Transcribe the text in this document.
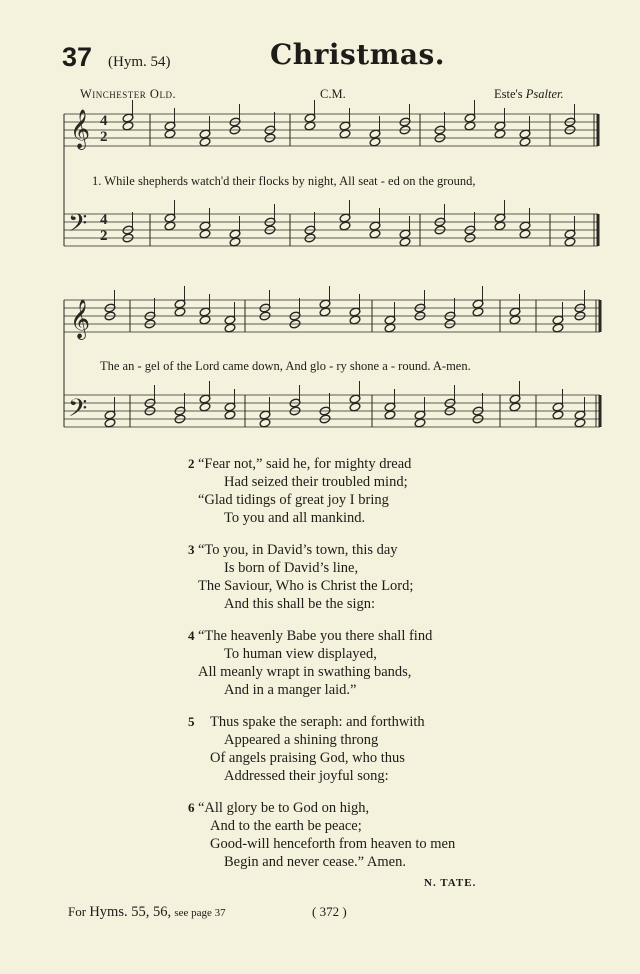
37 (Hym. 54)	Christmas.
Winchester Old.	C.M.	Este's Psalter.
𝄞
𝄞
𝄢
𝄢
4
2
4
2
1. While shepherds watch'd their flocks by night, All seat - ed on the ground,
The an - gel of the Lord came down, And glo - ry shone a - round. A-men.
2 “Fear not,” said he, for mighty dread
Had seized their troubled mind;
“Glad tidings of great joy I bring
To you and all mankind.
3 “To you, in David’s town, this day
Is born of David’s line,
The Saviour, Who is Christ the Lord;
And this shall be the sign:
4 “The heavenly Babe you there shall find
To human view displayed,
All meanly wrapt in swathing bands,
And in a manger laid.”
5	Thus spake the seraph: and forthwith
Appeared a shining throng
Of angels praising God, who thus
Addressed their joyful song:
6 “All glory be to God on high,
And to the earth be peace;
Good-will henceforth from heaven to men
Begin and never cease.” Amen.
N. TATE.
For Hyms. 55, 56, see page 37	( 372 )
